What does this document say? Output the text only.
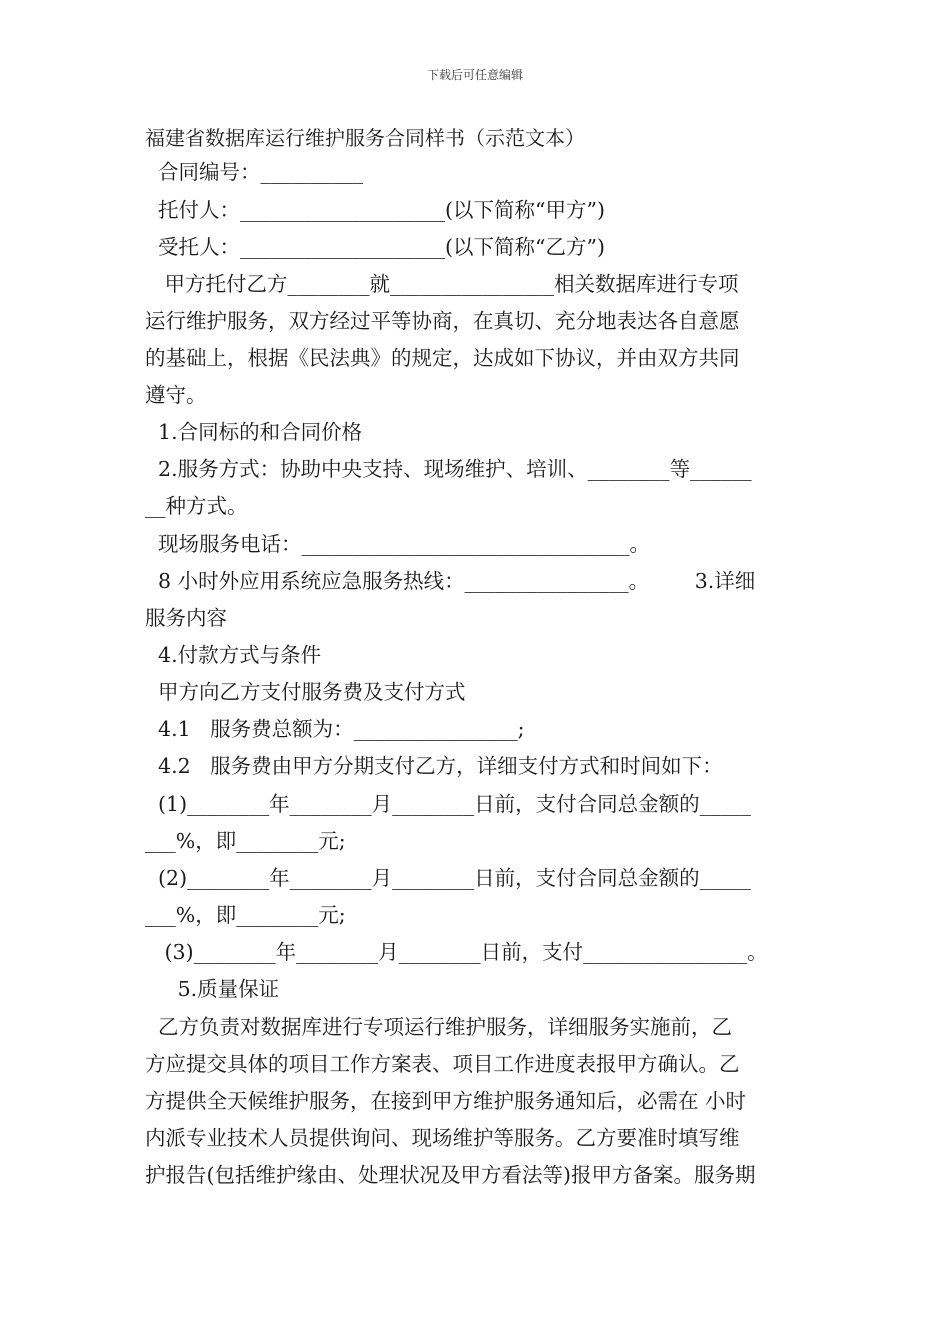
下载后可任意编辑
福建省数据库运行维护服务合同样书（示范文本）
合同编号：__________
托付人：____________________(以下简称“甲方”)
受托人：____________________(以下简称“乙方”)
甲方托付乙方________就________________相关数据库进行专项
运行维护服务，双方经过平等协商，在真切、充分地表达各自意愿
的基础上，根据《民法典》的规定，达成如下协议，并由双方共同
遵守。
1.合同标的和合同价格
2.服务方式：协助中央支持、现场维护、培训、________等______
__种方式。
现场服务电话：________________________________。
8 小时外应用系统应急服务热线：________________。       3.详细
服务内容
4.付款方式与条件
甲方向乙方支付服务费及支付方式
4.1   服务费总额为：________________;
4.2   服务费由甲方分期支付乙方，详细支付方式和时间如下：
(1)________年________月________日前，支付合同总金额的_____
___%，即________元;
(2)________年________月________日前，支付合同总金额的_____
___%，即________元;
(3)________年________月________日前，支付________________。
5.质量保证
乙方负责对数据库进行专项运行维护服务，详细服务实施前，乙
方应提交具体的项目工作方案表、项目工作进度表报甲方确认。乙
方提供全天候维护服务，在接到甲方维护服务通知后，必需在 小时
内派专业技术人员提供询问、现场维护等服务。乙方要准时填写维
护报告(包括维护缘由、处理状况及甲方看法等)报甲方备案。服务期
